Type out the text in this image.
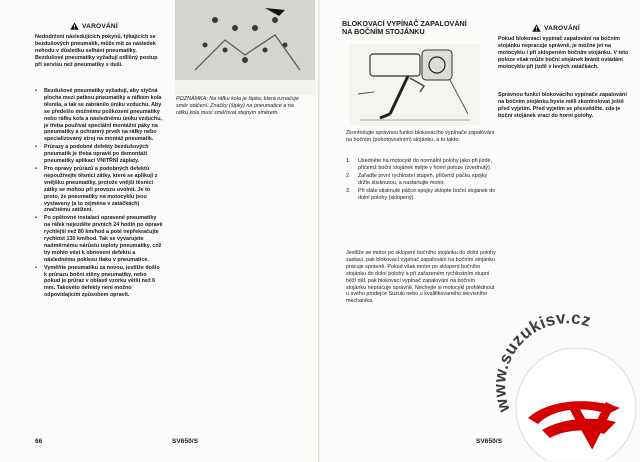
VAROVÁNÍ

Nedodržení následujících pokynů, týkajících se bezdušových pneumatik, může mít za následek nehodu v důsledku selhání pneumatiky. Bezdušové pneumatiky vyžadují odlišný postup při servisu než pneumatiky s duší.

• Bezdušové pneumatiky vyžadují, aby styčná plocha mezi patkou pneumatiky a ráfkem kola těsnila, a tak se zabránilo úniku vzduchu. Aby se předešlo možnému poškození pneumatiky nebo ráfku kola a následnému úniku vzduchu, je třeba používat speciální montážní páky na pneumatiky a ochranný prvek na ráfky nebo specializovaný stroj na montáž pneumatik.
• Průrazy a podobné defekty bezdušových pneumatik je třeba opravit po demontáži pneumatiky aplikací VNITŘNÍ záplaty.
• Pro opravy průrazů a podobných defektů nepoužívejte těsnicí zátky, které se aplikují z vnějšku pneumatiky, protože vnější těsnicí zátky se mohou při provozu uvolnit. Je to proto, že pneumatiky na motocyklu jsou vystaveny (a to zejména v zatáčkách) značnému zatížení.
• Po opětovné instalaci opravené pneumatiky na ráfek nejezděte prvních 24 hodin po opravě rychlejší než 80 km/hod a poté nepřekračujte rychlost 130 km/hod. Tak se vyvarujete nadměrnému nárůstu teploty pneumatiky, což by mohlo vést k obnovení defektu a následnému poklesu tlaku v pneumatice.
• Vyměňte pneumatiku za novou, jestliže došlo k průrazu boční stěny pneumatiky, nebo pokud je průraz v oblasti vzorku větší než 6 mm. Takovéto defekty není možno odpovídajícím způsobem opravit.

POZNÁMKA: Na ráfku kola je šipka, která označuje směr otáčení. Značky (šipky) na pneumatice a na ráfku kola musí směřovat stejným směrem.

66	SV650/S
BLOKOVACÍ VYPÍNAČ ZAPALOVÁNÍ NA BOČNÍM STOJÁNKU

Zkontrolujte správnou funkci blokovacího vypínače zapalování na bočním (pohotovostním) stojánku, a to takto:

1. Usedněte na motocykl do normální polohy jako při jízdě, přičemž boční stojánek mějte v horní poloze (zvednutý).
2. Zařaďte první rychlostní stupeň, přičemž páčku spojky držte stisknutou, a nastartujte motor.
3. Při stále stisknuté páčce spojky sklopte boční stojánek do dolní polohy (sklopený).

Jestliže se motor po sklopení bočního stojánku do dolní polohy zastaví, pak blokovací vypínač zapalování na bočním stojánku pracuje správně. Pokud však motor po sklopení bočního stojánku do dolní polohy a při zařazeném rychlostním stupni běží dál, pak blokovací vypínač zapalování na bočním stojánku nepracuje správně. Nechejte si motocykl prohlédnout u svého prodejce Suzuki nebo u kvalifikovaného servisního mechanika.

VAROVÁNÍ

Pokud blokovací vypínač zapalování na bočním stojánku nepracuje správně, je možné jet na motocyklu i při sklopeném bočním stojánku. V této poloze však může boční stojánek bránit ovládání motocyklu při jízdě v levých zatáčkách.

Správnou funkci blokovacího vypínače zapalování na bočním stojánku byste měli zkontrolovat ještě před vyjetím. Před vyjetím se přesvědčte, zda je boční stojánek vrací do horní polohy.

SV650/S
www.suzukisv.cz
